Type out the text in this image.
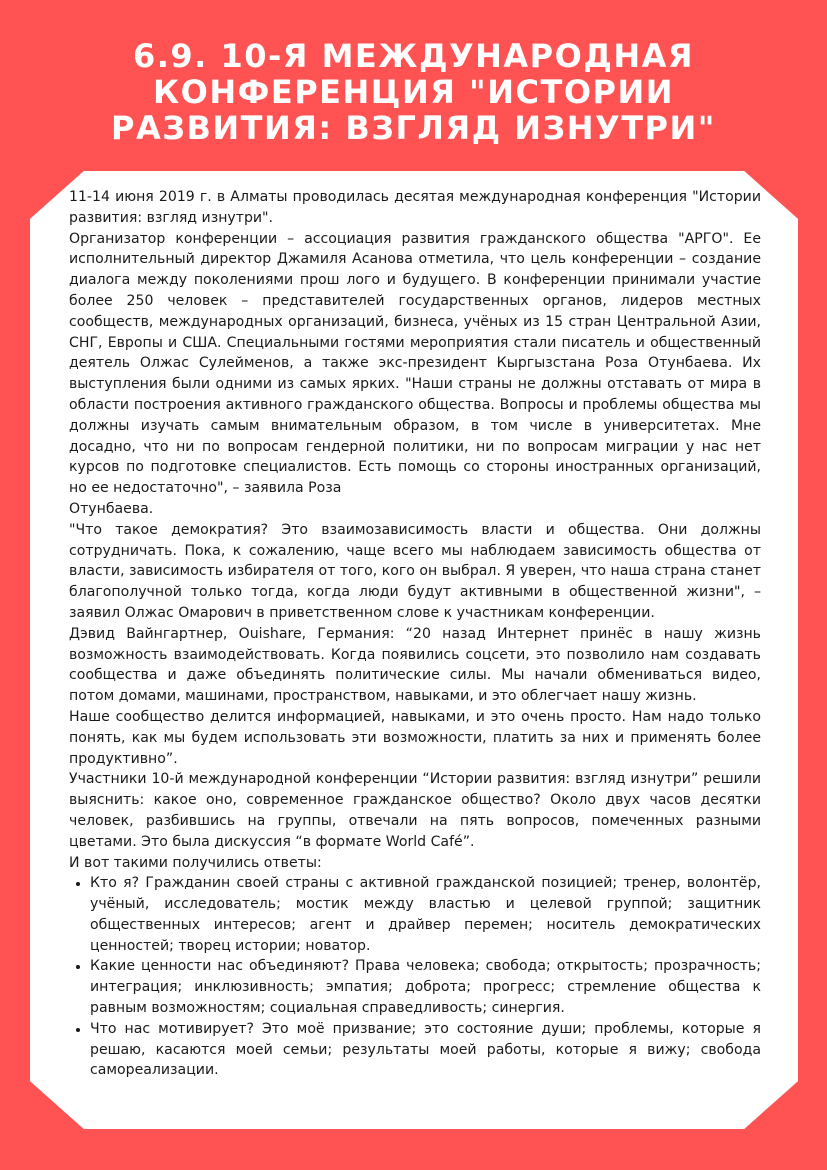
6.9. 10-Я МЕЖДУНАРОДНАЯ КОНФЕРЕНЦИЯ "ИСТОРИИ РАЗВИТИЯ: ВЗГЛЯД ИЗНУТРИ"

11-14 июня 2019 г. в Алматы проводилась десятая международная конференция "Истории развития: взгляд изнутри".

Организатор конференции – ассоциация развития гражданского общества "АРГО". Ее исполнительный директор Джамиля Асанова отметила, что цель конференции – создание диалога между поколениями прош лого и будущего. В конференции принимали участие более 250 человек – представителей государственных органов, лидеров местных сообществ, международных организаций, бизнеса, учёных из 15 стран Центральной Азии, СНГ, Европы и США. Специальными гостями мероприятия стали писатель и общественный деятель Олжас Сулейменов, а также экс-президент Кыргызстана Роза Отунбаева. Их выступления были одними из самых ярких. "Наши страны не должны отставать от мира в области построения активного гражданского общества. Вопросы и проблемы общества мы должны изучать самым внимательным образом, в том числе в университетах. Мне досадно, что ни по вопросам гендерной политики, ни по вопросам миграции у нас нет курсов по подготовке специалистов. Есть помощь со стороны иностранных организаций, но ее недостаточно", – заявила Роза

Отунбаева.

"Что такое демократия? Это взаимозависимость власти и общества. Они должны сотрудничать. Пока, к сожалению, чаще всего мы наблюдаем зависимость общества от власти, зависимость избирателя от того, кого он выбрал. Я уверен, что наша страна станет благополучной только тогда, когда люди будут активными в общественной жизни", – заявил Олжас Омарович в приветственном слове к участникам конференции.

Дэвид Вайнгартнер, Ouishare, Германия: “20 назад Интернет принёс в нашу жизнь возможность взаимодействовать. Когда появились соцсети, это позволило нам создавать сообщества и даже объединять политические силы. Мы начали обмениваться видео, потом домами, машинами, пространством, навыками, и это облегчает нашу жизнь.

Наше сообщество делится информацией, навыками, и это очень просто. Нам надо только понять, как мы будем использовать эти возможности, платить за них и применять более продуктивно”.

Участники 10-й международной конференции “Истории развития: взгляд изнутри” решили выяснить: какое оно, современное гражданское общество? Около двух часов десятки человек, разбившись на группы, отвечали на пять вопросов, помеченных разными цветами. Это была дискуссия “в формате World Café”.

И вот такими получились ответы:

• Кто я? Гражданин своей страны с активной гражданской позицией; тренер, волонтёр, учёный, исследователь; мостик между властью и целевой группой; защитник общественных интересов; агент и драйвер перемен; носитель демократических ценностей; творец истории; новатор.
• Какие ценности нас объединяют? Права человека; свобода; открытость; прозрачность; интеграция; инклюзивность; эмпатия; доброта; прогресс; стремление общества к равным возможностям; социальная справедливость; синергия.
• Что нас мотивирует? Это моё призвание; это состояние души; проблемы, которые я решаю, касаются моей семьи; результаты моей работы, которые я вижу; свобода самореализации.
